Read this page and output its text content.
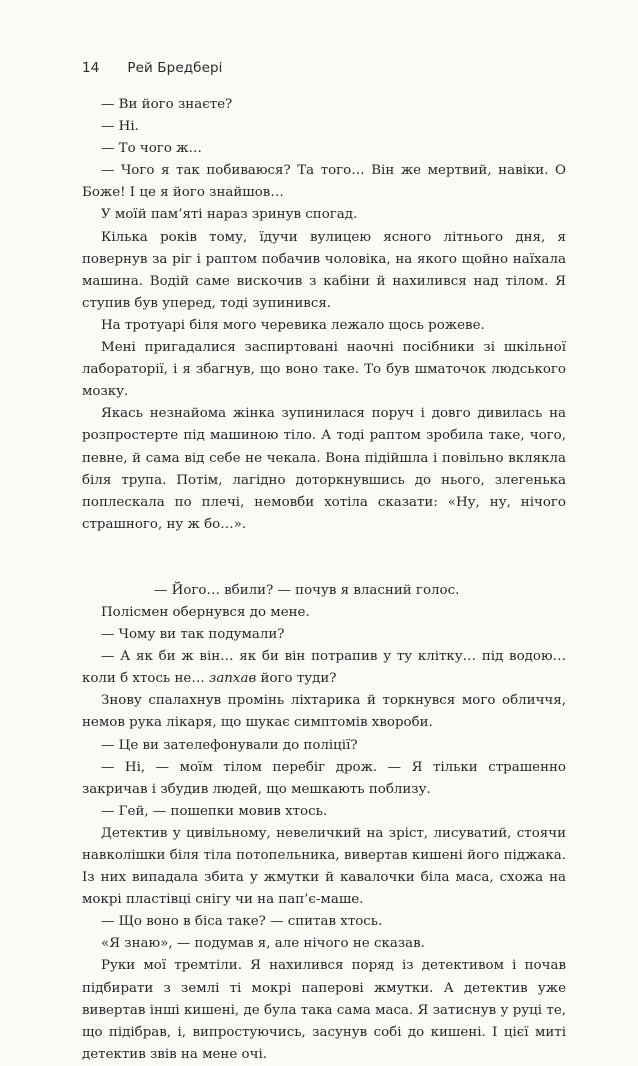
14 Рей Бредбері

— Ви його знаєте?

— Ні.

— То чого ж…

— Чого я так побиваюся? Та того… Він же мертвий, навіки. О Боже! І це я його знайшов…

У моїй пам’яті нараз зринув спогад.

Кілька років тому, їдучи вулицею ясного літнього дня, я повернув за ріг і раптом побачив чоловіка, на якого щойно наїхала машина. Водій саме вискочив з кабіни й нахилився над тілом. Я ступив був уперед, тоді зупинився.

На тротуарі біля мого черевика лежало щось рожеве.

Мені пригадалися заспиртовані наочні посібники зі шкільної лабораторії, і я збагнув, що воно таке. То був шматочок людського мозку.

Якась незнайома жінка зупинилася поруч і довго дивилась на розпростерте під машиною тіло. А тоді раптом зробила таке, чого, певне, й сама від себе не чекала. Вона підійшла і повільно вклякла біля трупа. Потім, лагідно доторкнувшись до нього, злегенька поплескала по плечі, немовби хотіла сказати: «Ну, ну, нічого страшного, ну ж бо…».

— Його… вбили? — почув я власний голос.

Полісмен обернувся до мене.

— Чому ви так подумали?

— А як би ж він… як би він потрапив у ту клітку… під водою… коли б хтось не… запхав його туди?

Знову спалахнув промінь ліхтарика й торкнувся мого обличчя, немов рука лікаря, що шукає симптомів хвороби.

— Це ви зателефонували до поліції?

— Ні, — моїм тілом перебіг дрож. — Я тільки страшенно закричав і збудив людей, що мешкають поблизу.

— Гей, — пошепки мовив хтось.

Детектив у цивільному, невеличкий на зріст, лисуватий, стоячи навколішки біля тіла потопельника, вивертав кишені його піджака. Із них випадала збита у жмутки й кавалочки біла маса, схожа на мокрі пластівці снігу чи на пап’є-маше.

— Що воно в біса таке? — спитав хтось.

«Я знаю», — подумав я, але нічого не сказав.

Руки мої тремтіли. Я нахилився поряд із детективом і почав підбирати з землі ті мокрі паперові жмутки. А детектив уже вивертав інші кишені, де була така сама маса. Я затиснув у руці те, що підібрав, і, випростуючись, засунув собі до кишені. І цієї миті детектив звів на мене очі.
